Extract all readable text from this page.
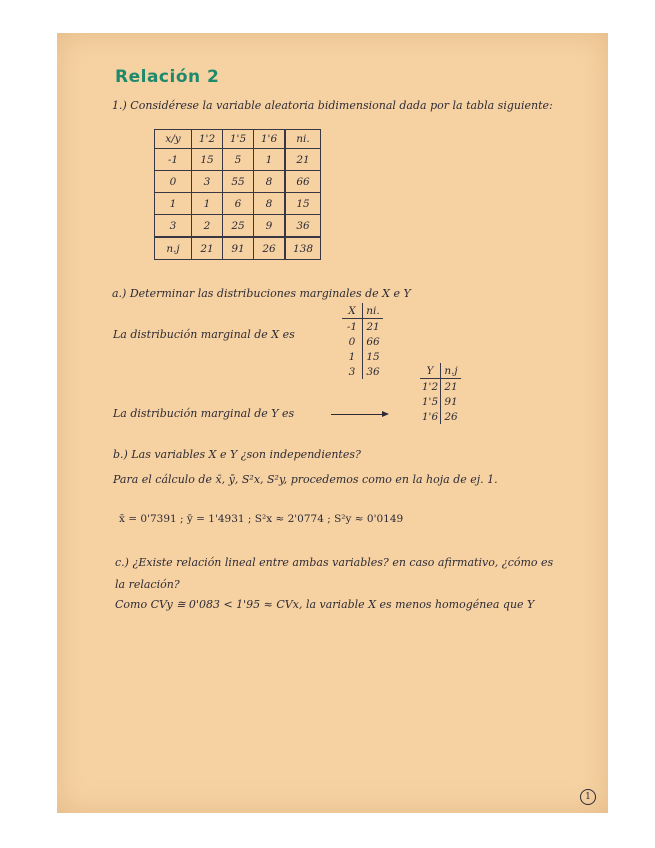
Relación 2
1.) Considérese la variable aleatoria bidimensional dada por la tabla siguiente:
x/y	1'2	1'5	1'6	ni.
-1	15	5	1	21
0	3	55	8	66
1	1	6	8	15
3	2	25	9	36
n.j	21	91	26	138
a.) Determinar las distribuciones marginales de X e Y
X	ni.
-1	21
0	66
1	15
3	36
La distribución marginal de X es
Y	n.j
1'2	21
1'5	91
1'6	26
La distribución marginal de Y es
b.) Las variables X e Y ¿son independientes?
Para el cálculo de x̄, ȳ, S²x, S²y, procedemos como en la hoja de ej. 1.
x̄ = 0'7391 ; ȳ = 1'4931 ; S²x ≈ 2'0774 ; S²y ≈ 0'0149
c.) ¿Existe relación lineal entre ambas variables? en caso afirmativo, ¿cómo es
la relación?
Como CVy ≅ 0'083 < 1'95 ≈ CVx, la variable X es menos homogénea que Y
1
